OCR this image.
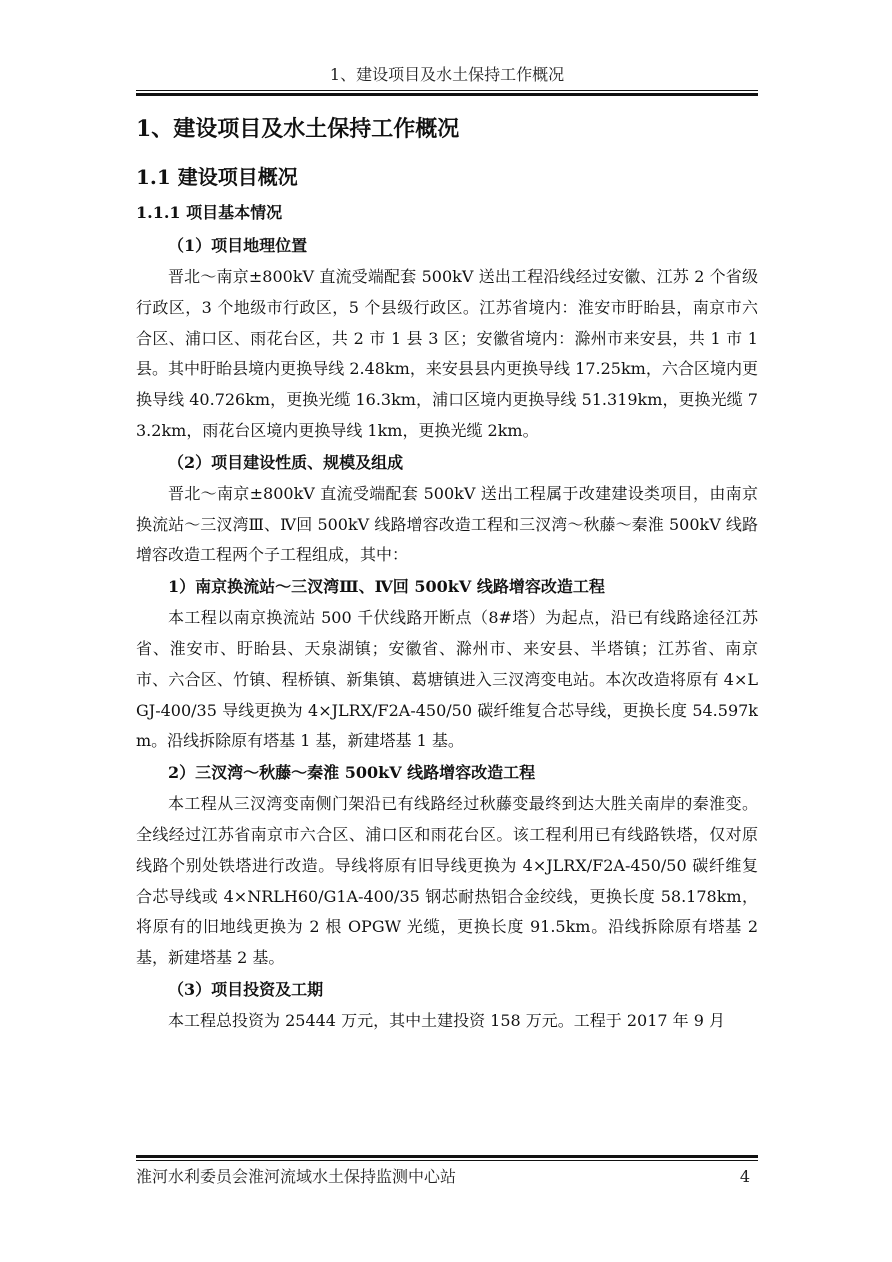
1、建设项目及水土保持工作概况
1、建设项目及水土保持工作概况
1.1 建设项目概况
1.1.1 项目基本情况
（1）项目地理位置

晋北～南京±800kV 直流受端配套 500kV 送出工程沿线经过安徽、江苏 2 个省级行政区，3 个地级市行政区，5 个县级行政区。江苏省境内：淮安市盱眙县，南京市六合区、浦口区、雨花台区，共 2 市 1 县 3 区；安徽省境内：滁州市来安县，共 1 市 1 县。其中盱眙县境内更换导线 2.48km，来安县县内更换导线 17.25km，六合区境内更换导线 40.726km，更换光缆 16.3km，浦口区境内更换导线 51.319km，更换光缆 73.2km，雨花台区境内更换导线 1km，更换光缆 2km。

（2）项目建设性质、规模及组成

晋北～南京±800kV 直流受端配套 500kV 送出工程属于改建建设类项目，由南京换流站～三汊湾Ⅲ、Ⅳ回 500kV 线路增容改造工程和三汊湾～秋藤～秦淮 500kV 线路增容改造工程两个子工程组成，其中：

1）南京换流站～三汊湾Ⅲ、Ⅳ回 500kV 线路增容改造工程

本工程以南京换流站 500 千伏线路开断点（8#塔）为起点，沿已有线路途径江苏省、淮安市、盱眙县、天泉湖镇；安徽省、滁州市、来安县、半塔镇；江苏省、南京市、六合区、竹镇、程桥镇、新集镇、葛塘镇进入三汊湾变电站。本次改造将原有 4×LGJ-400/35 导线更换为 4×JLRX/F2A-450/50 碳纤维复合芯导线，更换长度 54.597km。沿线拆除原有塔基 1 基，新建塔基 1 基。

2）三汊湾～秋藤～秦淮 500kV 线路增容改造工程

本工程从三汊湾变南侧门架沿已有线路经过秋藤变最终到达大胜关南岸的秦淮变。全线经过江苏省南京市六合区、浦口区和雨花台区。该工程利用已有线路铁塔，仅对原线路个别处铁塔进行改造。导线将原有旧导线更换为 4×JLRX/F2A-450/50 碳纤维复合芯导线或 4×NRLH60/G1A-400/35 钢芯耐热铝合金绞线，更换长度 58.178km，将原有的旧地线更换为 2 根 OPGW 光缆，更换长度 91.5km。沿线拆除原有塔基 2 基，新建塔基 2 基。

（3）项目投资及工期

本工程总投资为 25444 万元，其中土建投资 158 万元。工程于 2017 年 9 月

淮河水利委员会淮河流域水土保持监测中心站	4
